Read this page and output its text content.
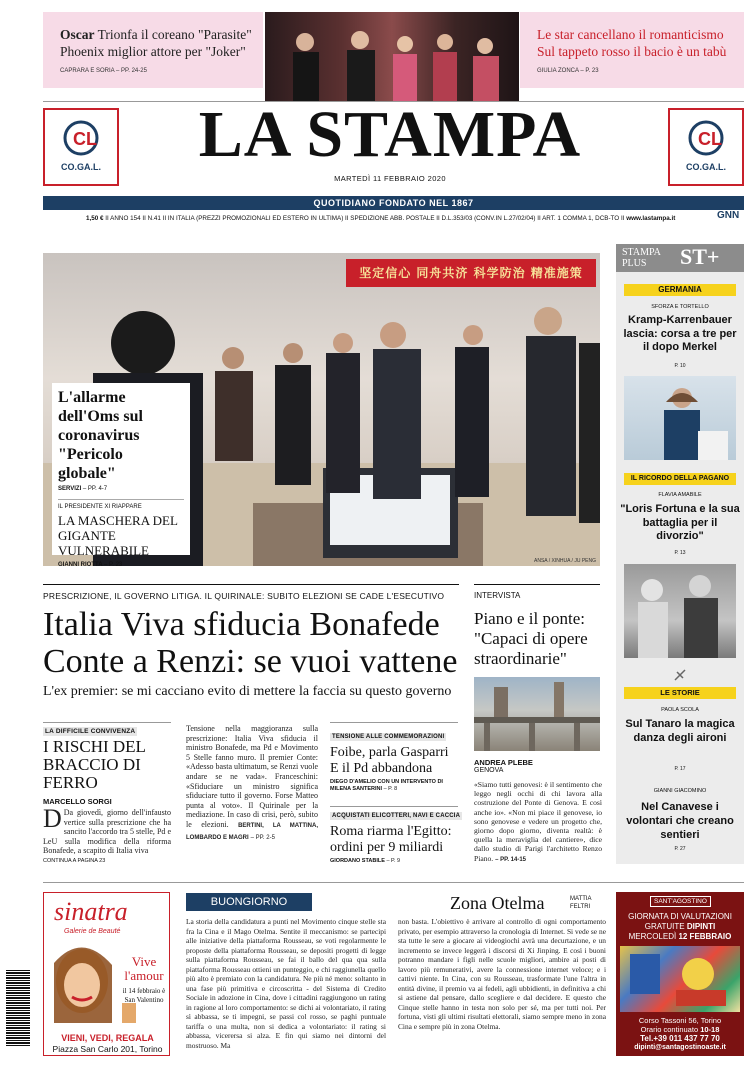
Oscar Trionfa il coreano "Parasite" Phoenix miglior attore per "Joker"
CAPRARA E SORIA – PP. 24-25
Le star cancellano il romanticismo Sul tappeto rosso il bacio è un tabù
GIULIA ZONCA – P. 23
CL
CO.GA.L.	LA STAMPA	CL
CO.GA.L.
MARTEDÌ 11 FEBBRAIO 2020
QUOTIDIANO FONDATO NEL 1867
1,50 € II ANNO 154 II N.41 II IN ITALIA (PREZZI PROMOZIONALI ED ESTERO IN ULTIMA) II SPEDIZIONE ABB. POSTALE II D.L.353/03 (CONV.IN L.27/02/04) II ART. 1 COMMA 1, DCB-TO II www.lastampa.it	GNN
坚定信心 同舟共济 科学防治 精准施策
ANSA / XINHUA / JU PENG
L'allarme dell'Oms sul coronavirus "Pericolo globale"
SERVIZI – PP. 4-7
IL PRESIDENTE XI RIAPPARE
LA MASCHERA DEL GIGANTE VULNERABILE
GIANNI RIOTTA – P. 23
PRESCRIZIONE, IL GOVERNO LITIGA. IL QUIRINALE: SUBITO ELEZIONI SE CADE L'ESECUTIVO
Italia Viva sfiducia Bonafede
Conte a Renzi: se vuoi vattene
L'ex premier: se mi cacciano evito di mettere la faccia su questo governo
INTERVISTA
Piano e il ponte: "Capaci di opere straordinarie"
ANDREA PLEBE
GENOVA
«Siamo tutti genovesi: è il sentimento che leggo negli occhi di chi lavora alla costruzione del Ponte di Genova. E così anche io». «Non mi piace il genovese, io sono genovese e vedere un progetto che, giorno dopo giorno, diventa realtà: è quella la meraviglia del cantiere», dice dallo studio di Parigi l'architetto Renzo Piano. – PP. 14-15
LA DIFFICILE CONVIVENZA
I RISCHI DEL BRACCIO DI FERRO
MARCELLO SORGI
D Da giovedì, giorno dell'infausto vertice sulla prescrizione che ha sancito l'accordo tra 5 stelle, Pd e LeU sulla modifica della riforma Bonafede, a scapito di Italia viva
CONTINUA A PAGINA 23
Tensione nella maggioranza sulla prescrizione: Italia Viva sfiducia il ministro Bonafede, ma Pd e Movimento 5 Stelle fanno muro. Il premier Conte: «Adesso basta ultimatum, se Renzi vuole andare se ne vada». Franceschini: «Sfiduciare un ministro significa sfiduciare tutto il governo. Forse Matteo punta al voto». Il Quirinale per la mediazione. In caso di crisi, però, subito le elezioni. BERTINI, LA MATTINA, LOMBARDO E MAGRI – PP. 2-5
TENSIONE ALLE COMMEMORAZIONI
Foibe, parla Gasparri E il Pd abbandona
DIEGO D'AMELIO CON UN INTERVENTO DI MILENA SANTERINI – P. 8
ACQUISTATI ELICOTTERI, NAVI E CACCIA
Roma riarma l'Egitto: ordini per 9 miliardi
GIORDANO STABILE – P. 9
STAMPA PLUS	ST+
GERMANIA
SFORZA E TORTELLO
Kramp-Karrenbauer lascia: corsa a tre per il dopo Merkel
P. 10
IL RICORDO DELLA PAGANO
FLAVIA AMABILE
"Loris Fortuna e la sua battaglia per il divorzio"
P. 13
LE STORIE
PAOLA SCOLA
Sul Tanaro la magica danza degli aironi
P. 17
GIANNI GIACOMINO
Nel Canavese i volontari che creano sentieri
P. 27
sinatra
Galerie de Beauté
Vive l'amour
il 14 febbraio è San Valentino
VIENI, VEDI, REGALA
Piazza San Carlo 201, Torino
BUONGIORNO
La storia della candidatura a punti nel Movimento cinque stelle sta fra la Cina e il Mago Otelma. Sentite il meccanismo: se partecipi alle iniziative della piattaforma Rousseau, se voti regolarmente le proposte della piattaforma Rousseau, se depositi progetti di legge sulla piattaforma Rousseau, se fai il ballo del qua qua sulla piattaforma Rousseau ottieni un punteggio, e chi raggiunella quello più alto è premiato con la candidatura. Ne più né meno: soltanto in una fase più primitiva e circoscritta - del Sistema di Credito Sociale in adozione in Cina, dove i cittadini raggiungono un rating in ragione al loro comportamento: se dichi ai volontariato, il rating sì abbassa, se ti impegni, se passi col rosso, se paghi puntuale tariffa o una multa, non si dedica a volontariato: il rating si abbassa, vicerersa si alza. E fin qui siamo nei dintorni del mostruoso. Ma
Zona Otelma	MATTIA FELTRI
non basta. L'obiettivo è arrivare al controllo di ogni comportamento privato, per esempio attraverso la cronologia di Internet. Si vede se ne sta tutte le sere a giocare ai videogiochi avrà una decurtazione, e un incremento se invece leggerà i discorsi di Xi Jinping. E così i buoni potranno mandare i figli nelle scuole migliori, ambire ai posti di lavoro più remunerativi, avere la connessione internet veloce; e i cattivi niente. In Cina, con su Rousseau, trasformate l'une l'altra in entità divine, il premio va ai fedeli, agli ubbidienti, in definitiva a chi si astiene dal pensare, dallo scegliere e dal decidere. E questo che Cinque stelle hanno in testa non solo per sé, ma per tutti noi. Per fortuna, visti gli ultimi risultati elettorali, siamo sempre meno in zona Cina e sempre più in zona Otelma.
SANT'AGOSTINO
GIORNATA DI VALUTAZIONI
GRATUITE DIPINTI
MERCOLEDÌ 12 FEBBRAIO
Corso Tassoni 56, Torino
Orario continuato 10-18
Tel.+39 011 437 77 70
dipinti@santagostinoaste.it
